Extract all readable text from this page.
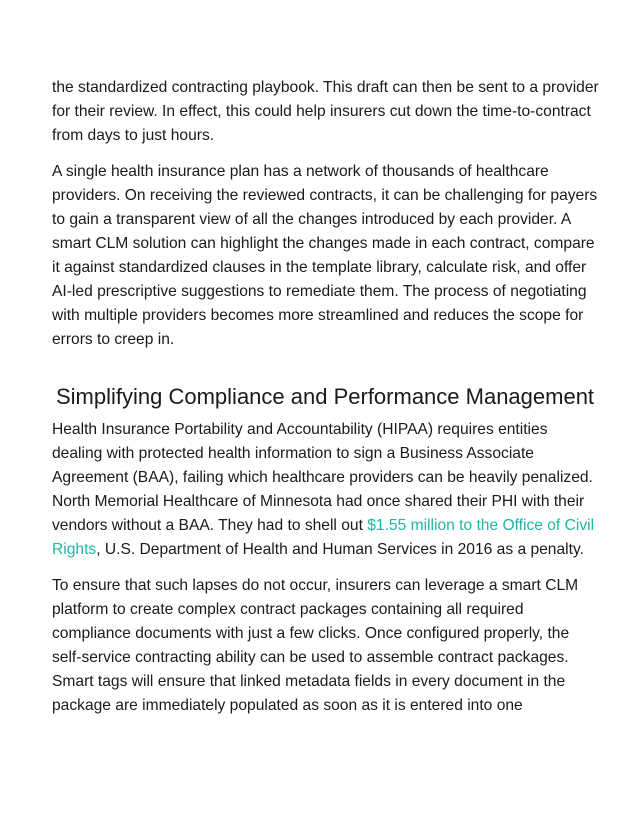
the standardized contracting playbook. This draft can then be sent to a provider for their review. In effect, this could help insurers cut down the time-to-contract from days to just hours.

A single health insurance plan has a network of thousands of healthcare providers. On receiving the reviewed contracts, it can be challenging for payers to gain a transparent view of all the changes introduced by each provider. A smart CLM solution can highlight the changes made in each contract, compare it against standardized clauses in the template library, calculate risk, and offer AI-led prescriptive suggestions to remediate them. The process of negotiating with multiple providers becomes more streamlined and reduces the scope for errors to creep in.

Simplifying Compliance and Performance Management

Health Insurance Portability and Accountability (HIPAA) requires entities dealing with protected health information to sign a Business Associate Agreement (BAA), failing which healthcare providers can be heavily penalized. North Memorial Healthcare of Minnesota had once shared their PHI with their vendors without a BAA. They had to shell out $1.55 million to the Office of Civil Rights, U.S. Department of Health and Human Services in 2016 as a penalty.

To ensure that such lapses do not occur, insurers can leverage a smart CLM platform to create complex contract packages containing all required compliance documents with just a few clicks. Once configured properly, the self-service contracting ability can be used to assemble contract packages. Smart tags will ensure that linked metadata fields in every document in the package are immediately populated as soon as it is entered into one
